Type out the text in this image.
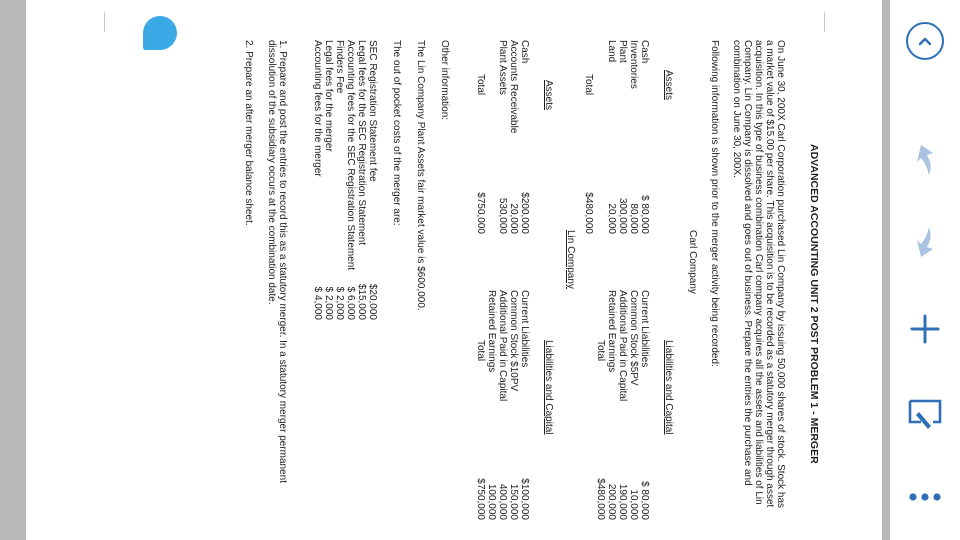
ADVANCED ACCOUNTING UNIT 2 POST PROBLEM 1 - MERGER
On June 30, 200X Carl Corporation purchased Lin Company by issuing 50,000 shares of stock. Stock has
a market value of $15.00 per share. This acquisition is to be recorded as a statutory merger through asset
acquisition. In this type of business combination Carl company acquires all the assets and liabilities of Lin
Company. Lin Company is dissolved and goes out of business. Prepare the entries the purchase and
combination on June 30, 200X.
Following information is shown prior to the merger activity being recorded:
Carl Company
Assets
Liabilities and Capital
Cash
$ 80,000
Inventories
80,000
Plant
300,000
Land
20,000
Total
$480,000
Current Liabilities
$ 80,000
Common Stock $5PV
10,000
Additional Paid in Capital
190,000
Retained Earnings
200,000
Total
$480,000
Lin Company
Assets
Liabilities and Capital
Cash
$200,000
Accounts Receivable
20,000
Plant Assets
530,000
Total
$750,000
Current Liabilities
$100,000
Common Stock $10PV
150,000
Additional Paid in Capital
400,000
Retained Earnings
100,000
Total
$750,000
Other information:
The Lin Company Plant Assets fair market value is $600,000.
The out of pocket costs of the merger are:
SEC Registration Statement fee
$20,000
Legal fees for the SEC Registration Statement
$15,000
Accounting fees for the SEC Registration Statement
$ 6,000
Finders Fee
$ 2,000
Legal fees for the merger
$ 2,000
Accounting fees for the merger
$ 4,000
1. Prepare and post the entries to record this as a statutory merger. In a statutory merger permanent
dissolution of the subsidiary occurs at the combination date.
2. Prepare an after merger balance sheet.
